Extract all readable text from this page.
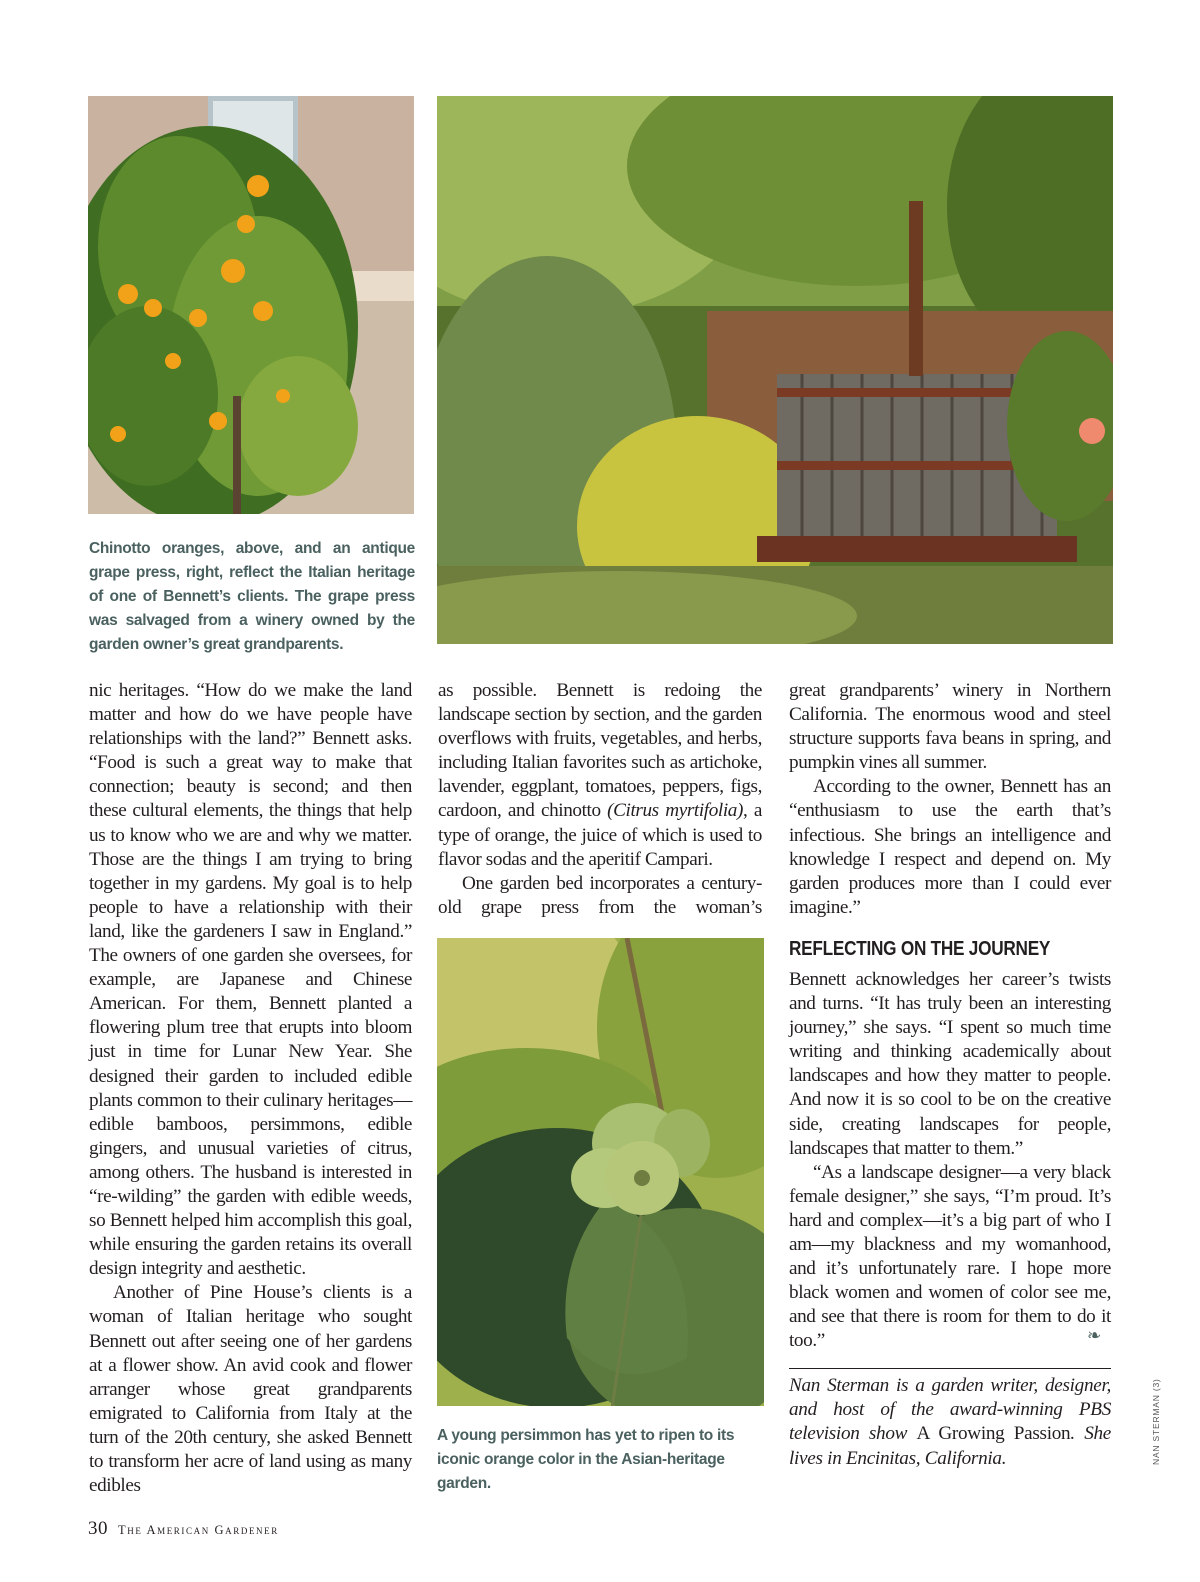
Chinotto oranges, above, and an antique grape press, right, reflect the Italian heritage of one of Bennett’s clients. The grape press was salvaged from a winery owned by the garden owner’s great grandparents.

nic heritages. “How do we make the land matter and how do we have people have relationships with the land?” Bennett asks. “Food is such a great way to make that connection; beauty is second; and then these cultural elements, the things that help us to know who we are and why we matter. Those are the things I am trying to bring together in my gardens. My goal is to help people to have a relationship with their land, like the gardeners I saw in England.” The owners of one garden she oversees, for example, are Japanese and Chinese American. For them, Bennett planted a flowering plum tree that erupts into bloom just in time for Lunar New Year. She designed their garden to included edible plants common to their culinary heritages—edible bamboos, persimmons, edible gingers, and unusual varieties of citrus, among others. The husband is interested in “re-wilding” the garden with edible weeds, so Bennett helped him accomplish this goal, while ensuring the garden retains its overall design integrity and aesthetic.

Another of Pine House’s clients is a woman of Italian heritage who sought Bennett out after seeing one of her gardens at a flower show. An avid cook and flower arranger whose great grandparents emigrated to California from Italy at the turn of the 20th century, she asked Bennett to transform her acre of land using as many edibles

as possible. Bennett is redoing the landscape section by section, and the garden overflows with fruits, vegetables, and herbs, including Italian favorites such as artichoke, lavender, eggplant, tomatoes, peppers, figs, cardoon, and chinotto (Citrus myrtifolia), a type of orange, the juice of which is used to flavor sodas and the aperitif Campari.

One garden bed incorporates a century-old grape press from the woman’s

A young persimmon has yet to ripen to its iconic orange color in the Asian-heritage garden.

great grandparents’ winery in Northern California. The enormous wood and steel structure supports fava beans in spring, and pumpkin vines all summer.

According to the owner, Bennett has an “enthusiasm to use the earth that’s infectious. She brings an intelligence and knowledge I respect and depend on. My garden produces more than I could ever imagine.”

REFLECTING ON THE JOURNEY

Bennett acknowledges her career’s twists and turns. “It has truly been an interesting journey,” she says. “I spent so much time writing and thinking academically about landscapes and how they matter to people. And now it is so cool to be on the creative side, creating landscapes for people, landscapes that matter to them.”

“As a landscape designer—a very black female designer,” she says, “I’m proud. It’s hard and complex—it’s a big part of who I am—my blackness and my womanhood, and it’s unfortunately rare. I hope more black women and women of color see me, and see that there is room for them to do it too.”	❧

Nan Sterman is a garden writer, designer, and host of the award-winning PBS television show A Growing Passion. She lives in Encinitas, California.	NAN STERMAN (3)
30 The American Gardener
